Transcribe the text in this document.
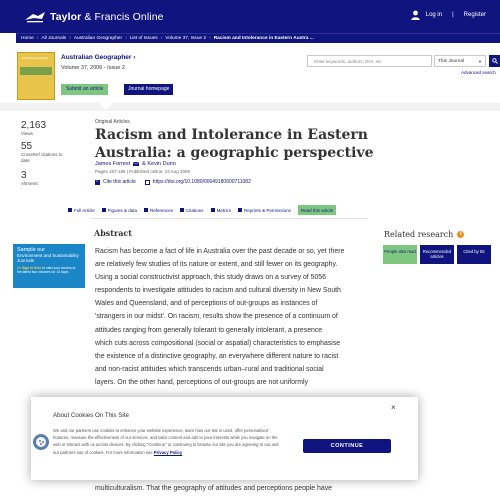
Taylor & Francis Online	Log in | Register
Home › All Journals › Australian Geographer › List of Issues › Volume 37, Issue 2 › Racism and Intolerance in Eastern Austra ...
Australian Geographer Australian Geographer ›
Volume 37, 2006 - Issue 2
Submit an article	Journal homepage
Enter keywords, authors, DOI, etc	This Journal	▼
Advanced search
2,163
Views
55
CrossRef citations to date
3
Altmetric
Original Articles
Racism and Intolerance in Eastern Australia: a geographic perspective
James Forrest & Kevin Dunn
Pages 167-186 | Published online: 23 Aug 2006
" Cite this article	https://doi.org/10.1080/00049180600711082
Full Article	Figures & data	References	Citations	Metrics	Reprints & Permissions	Read this article
Sample our
Environment and Sustainability
Journals
>> Sign in here to start your access to the latest two volumes for 14 days
Abstract
Racism has become a fact of life in Australia over the past decade or so, yet there
are relatively few studies of its nature or extent, and still fewer on its geography.
Using a social constructivist approach, this study draws on a survey of 5056
respondents to investigate attitudes to racism and cultural diversity in New South
Wales and Queensland, and of perceptions of out-groups as instances of
'strangers in our midst'. On racism, results show the presence of a continuum of
attitudes ranging from generally tolerant to generally intolerant, a presence
which cuts across compositional (social or aspatial) characteristics to emphasise
the existence of a distinctive geography, an everywhere different nature to racist
and non-racist attitudes which transcends urban–rural and traditional social
layers. On the other hand, perceptions of out-groups are not uniformly
multiculturalism. That the geography of attitudes and perceptions people have
Related research	i
People also read	Recommended articles
Cited by 55
About Cookies On This Site
×
We and our partners use cookies to enhance your website experience, learn how our site is used, offer personalised features, measure the effectiveness of our services, and tailor content and ads to your interests while you navigate on the web or interact with us across devices. By clicking "Continue" or continuing to browse our site you are agreeing to our and our partners use of cookies. For more information see Privacy Policy
CONTINUE
